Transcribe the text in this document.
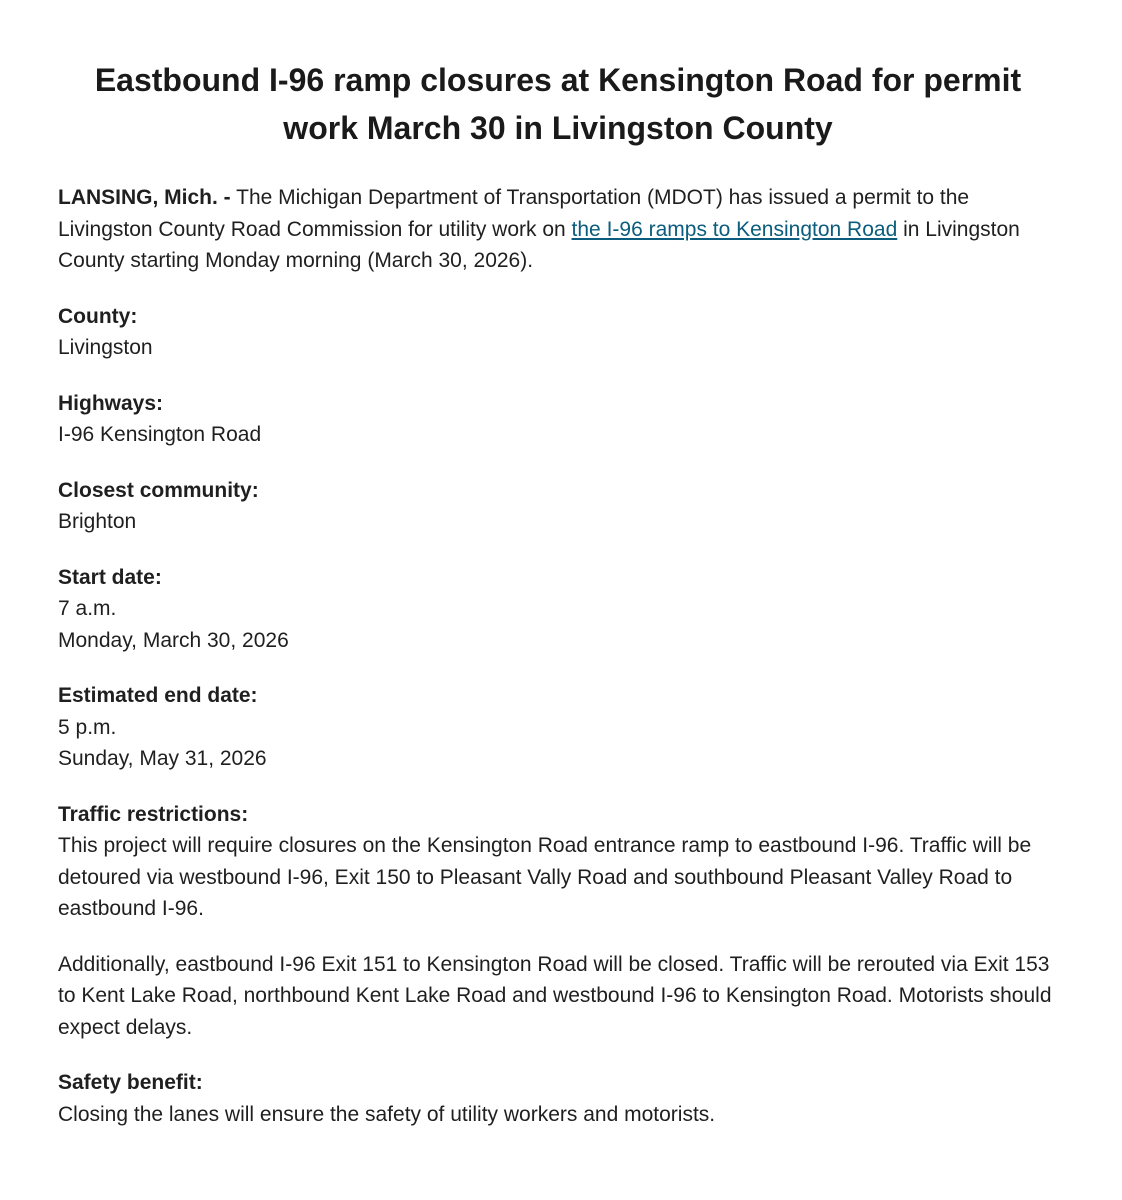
Eastbound I-96 ramp closures at Kensington Road for permit
work March 30 in Livingston County

LANSING, Mich. - The Michigan Department of Transportation (MDOT) has issued a permit to the Livingston County Road Commission for utility work on the I-96 ramps to Kensington Road in Livingston County starting Monday morning (March 30, 2026).

County:
Livingston
Highways:
I-96 Kensington Road
Closest community:
Brighton
Start date:
7 a.m.
Monday, March 30, 2026
Estimated end date:
5 p.m.
Sunday, May 31, 2026
Traffic restrictions:
This project will require closures on the Kensington Road entrance ramp to eastbound I-96. Traffic will be detoured via westbound I-96, Exit 150 to Pleasant Vally Road and southbound Pleasant Valley Road to eastbound I-96.
Additionally, eastbound I-96 Exit 151 to Kensington Road will be closed. Traffic will be rerouted via Exit 153 to Kent Lake Road, northbound Kent Lake Road and westbound I-96 to Kensington Road. Motorists should expect delays.
Safety benefit:
Closing the lanes will ensure the safety of utility workers and motorists.
